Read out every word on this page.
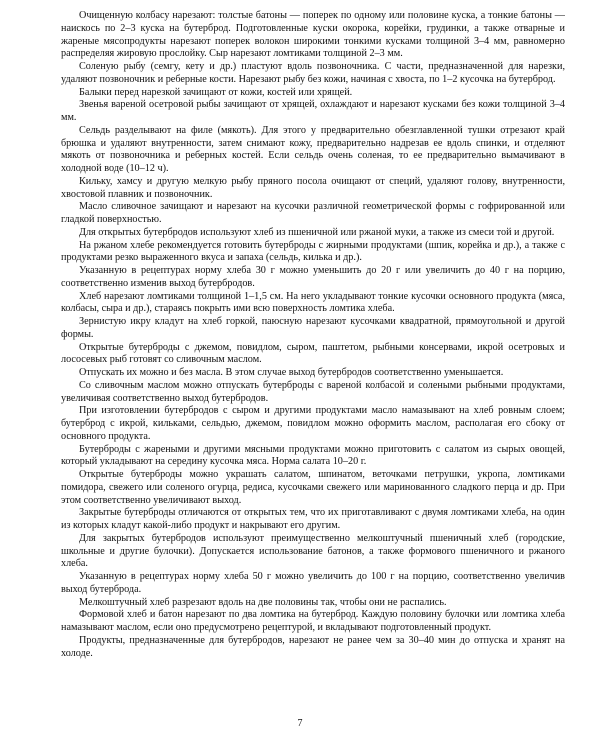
Очищенную колбасу нарезают: толстые батоны — поперек по одному или половине куска, а тонкие батоны — наискось по 2–3 куска на бутерброд. Подготовленные куски окорока, корейки, грудинки, а также отварные и жареные мясопродукты нарезают поперек волокон широкими тонкими кусками толщиной 3–4 мм, равномерно распределяя жировую прослойку. Сыр нарезают ломтиками толщиной 2–3 мм.

Соленую рыбу (семгу, кету и др.) пластуют вдоль позвоночника. С части, предназначенной для нарезки, удаляют позвоночник и реберные кости. Нарезают рыбу без кожи, начиная с хвоста, по 1–2 кусочка на бутерброд.

Балыки перед нарезкой зачищают от кожи, костей или хрящей.

Звенья вареной осетровой рыбы зачищают от хрящей, охлаждают и нарезают кусками без кожи толщиной 3–4 мм.

Сельдь разделывают на филе (мякоть). Для этого у предварительно обезглавленной тушки отрезают край брюшка и удаляют внутренности, затем снимают кожу, предварительно надрезав ее вдоль спинки, и отделяют мякоть от позвоночника и реберных костей. Если сельдь очень соленая, то ее предварительно вымачивают в холодной воде (10–12 ч).

Кильку, хамсу и другую мелкую рыбу пряного посола очищают от специй, удаляют голову, внутренности, хвостовой плавник и позвоночник.

Масло сливочное зачищают и нарезают на кусочки различной геометрической формы с гофрированной или гладкой поверхностью.

Для открытых бутербродов используют хлеб из пшеничной или ржаной муки, а также из смеси той и другой.

На ржаном хлебе рекомендуется готовить бутерброды с жирными продуктами (шпик, корейка и др.), а также с продуктами резко выраженного вкуса и запаха (сельдь, килька и др.).

Указанную в рецептурах норму хлеба 30 г можно уменьшить до 20 г или увеличить до 40 г на порцию, соответственно изменив выход бутербродов.

Хлеб нарезают ломтиками толщиной 1–1,5 см. На него укладывают тонкие кусочки основного продукта (мяса, колбасы, сыра и др.), стараясь покрыть ими всю поверхность ломтика хлеба.

Зернистую икру кладут на хлеб горкой, паюсную нарезают кусочками квадратной, прямоугольной и другой формы.

Открытые бутерброды с джемом, повидлом, сыром, паштетом, рыбными консервами, икрой осетровых и лососевых рыб готовят со сливочным маслом.

Отпускать их можно и без масла. В этом случае выход бутербродов соответственно уменьшается.

Со сливочным маслом можно отпускать бутерброды с вареной колбасой и солеными рыбными продуктами, увеличивая соответственно выход бутербродов.

При изготовлении бутербродов с сыром и другими продуктами масло намазывают на хлеб ровным слоем; бутерброд с икрой, кильками, сельдью, джемом, повидлом можно оформить маслом, располагая его сбоку от основного продукта.

Бутерброды с жареными и другими мясными продуктами можно приготовить с салатом из сырых овощей, который укладывают на середину кусочка мяса. Норма салата 10–20 г.

Открытые бутерброды можно украшать салатом, шпинатом, веточками петрушки, укропа, ломтиками помидора, свежего или соленого огурца, редиса, кусочками свежего или маринованного сладкого перца и др. При этом соответственно увеличивают выход.

Закрытые бутерброды отличаются от открытых тем, что их приготавливают с двумя ломтиками хлеба, на один из которых кладут какой-либо продукт и накрывают его другим.

Для закрытых бутербродов используют преимущественно мелкоштучный пшеничный хлеб (городские, школьные и другие булочки). Допускается использование батонов, а также формового пшеничного и ржаного хлеба.

Указанную в рецептурах норму хлеба 50 г можно увеличить до 100 г на порцию, соответственно увеличив выход бутерброда.

Мелкоштучный хлеб разрезают вдоль на две половины так, чтобы они не распались.

Формовой хлеб и батон нарезают по два ломтика на бутерброд. Каждую половину булочки или ломтика хлеба намазывают маслом, если оно предусмотрено рецептурой, и вкладывают подготовленный продукт.

Продукты, предназначенные для бутербродов, нарезают не ранее чем за 30–40 мин до отпуска и хранят на холоде.

7
